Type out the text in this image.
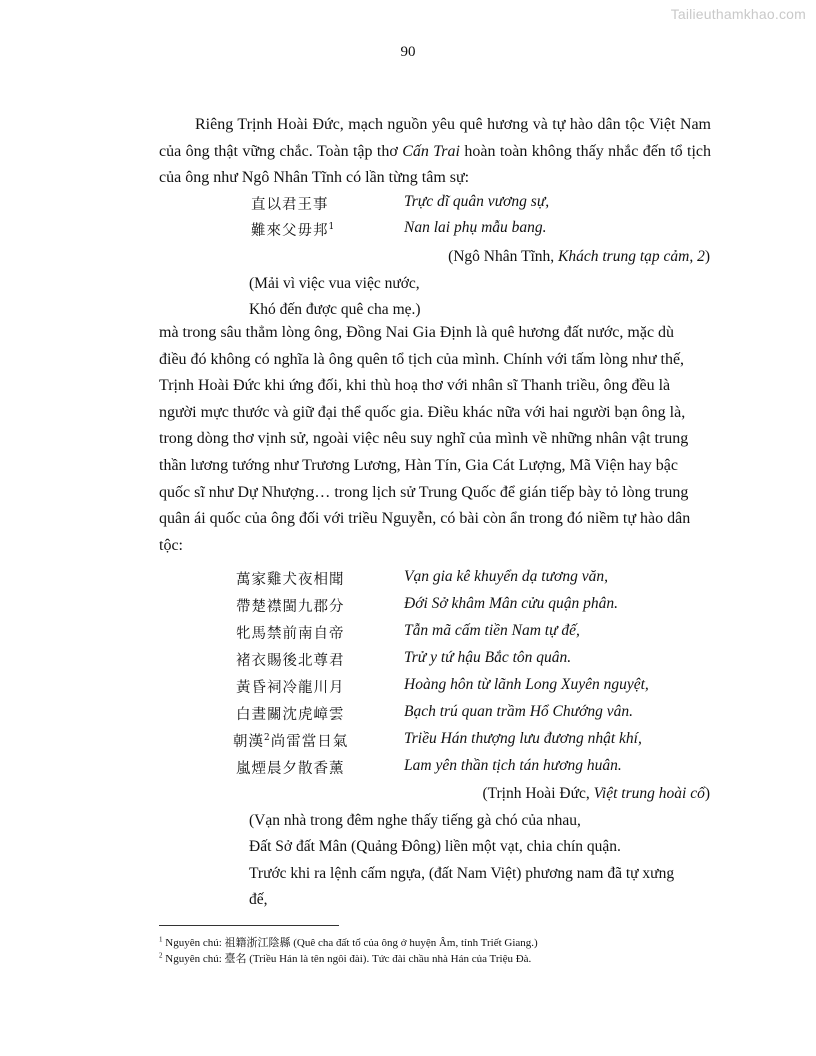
Tailieuthamkhao.com
90
Riêng Trịnh Hoài Đức, mạch nguồn yêu quê hương và tự hào dân tộc Việt Nam của ông thật vững chắc. Toàn tập thơ Cấn Trai hoàn toàn không thấy nhắc đến tổ tịch của ông như Ngô Nhân Tĩnh có lần từng tâm sự:
直以君王事	Trực dĩ quân vương sự,
難來父毋邦$^1$	Nan lai phụ mẫu bang.
(Ngô Nhân Tĩnh, Khách trung tạp cảm, 2)
(Mải vì việc vua việc nước,
Khó đến được quê cha mẹ.)
mà trong sâu thẳm lòng ông, Đồng Nai Gia Định là quê hương đất nước, mặc dù
điều đó không có nghĩa là ông quên tổ tịch của mình. Chính với tấm lòng như thế,
Trịnh Hoài Đức khi ứng đối, khi thù hoạ thơ với nhân sĩ Thanh triều, ông đều là
người mực thước và giữ đại thể quốc gia. Điều khác nữa với hai người bạn ông là,
trong dòng thơ vịnh sử, ngoài việc nêu suy nghĩ của mình về những nhân vật trung
thần lương tướng như Trương Lương, Hàn Tín, Gia Cát Lượng, Mã Viện hay bậc
quốc sĩ như Dự Nhượng… trong lịch sử Trung Quốc để gián tiếp bày tỏ lòng trung
quân ái quốc của ông đối với triều Nguyễn, có bài còn ẩn trong đó niềm tự hào dân
tộc:
萬家雞犬夜相聞	Vạn gia kê khuyển dạ tương văn,
帶楚襟閩九郡分	Đới Sở khâm Mân cửu quận phân.
牝馬禁前南自帝	Tẫn mã cấm tiền Nam tự đế,
褚衣賜後北尊君	Trử y tứ hậu Bắc tôn quân.
黃昏祠冷龍川月	Hoàng hôn từ lãnh Long Xuyên nguyệt,
白晝關沈虎嶂雲	Bạch trú quan trầm Hổ Chướng vân.
朝漢$^2$尚雷當日氣	Triều Hán thượng lưu đương nhật khí,
嵐煙晨夕散香薰	Lam yên thần tịch tán hương huân.
(Trịnh Hoài Đức, Việt trung hoài cổ)
(Vạn nhà trong đêm nghe thấy tiếng gà chó của nhau,
Đất Sở đất Mân (Quảng Đông) liền một vạt, chia chín quận.
Trước khi ra lệnh cấm ngựa, (đất Nam Việt) phương nam đã tự xưng
đế,
$^1$ Nguyên chú: 祖籍浙江陰縣 (Quê cha đất tổ của ông ở huyện Âm, tỉnh Triết Giang.)
$^2$ Nguyên chú: 臺名 (Triều Hán là tên ngôi đài). Tức đài chầu nhà Hán của Triệu Đà.
